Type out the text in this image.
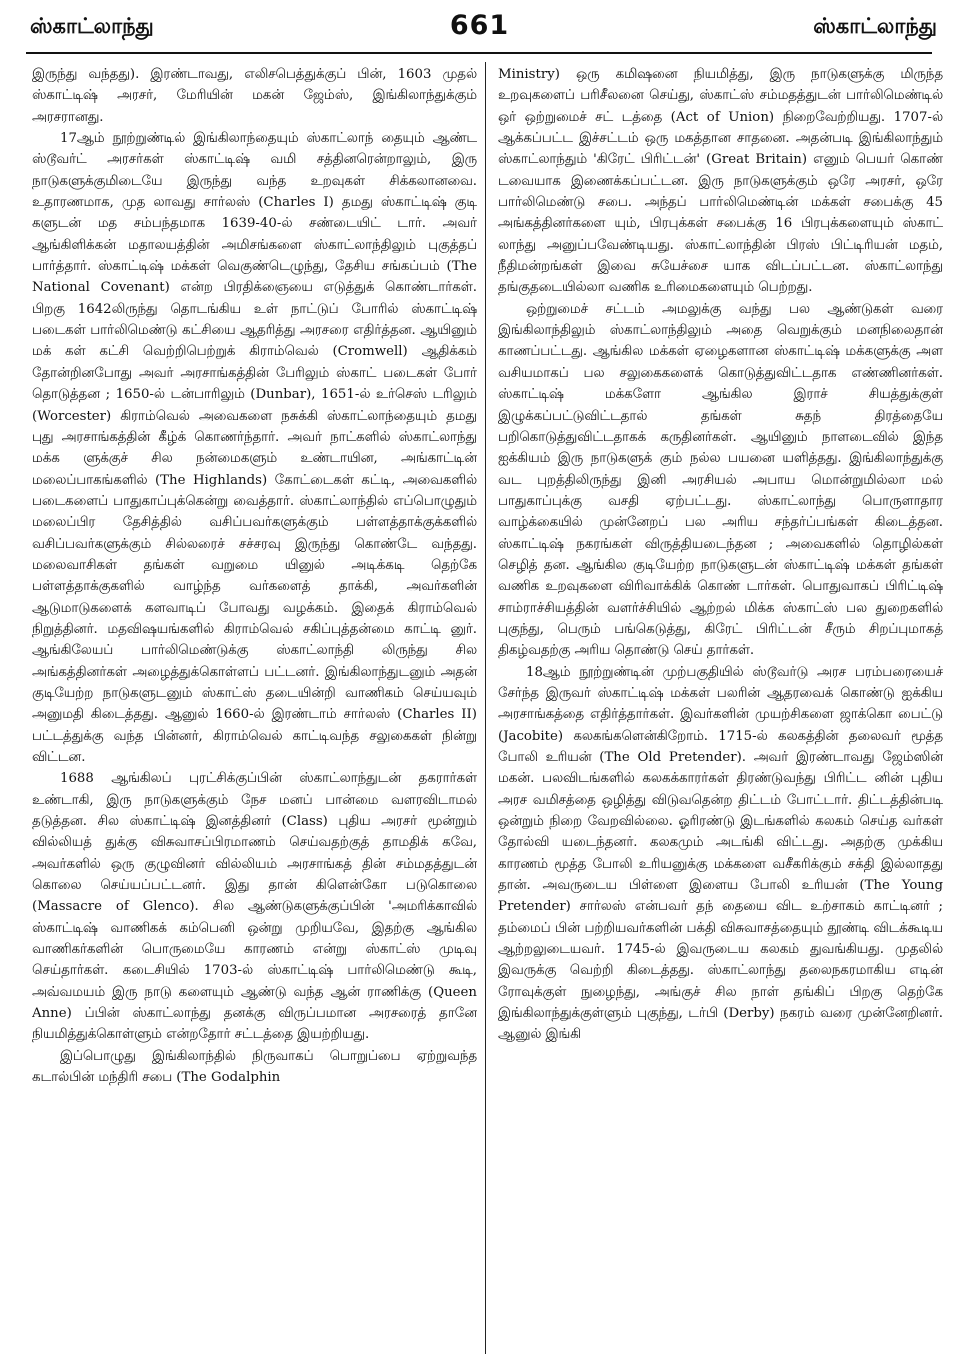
ஸ்காட்லாந்து	661	ஸ்காட்லாந்து

இருந்து வந்தது). இரண்டாவது, எலிசபெத்துக்குப் பின், 1603 முதல் ஸ்காட்டிஷ் அரசர், மேரியின் மகன் ஜேம்ஸ், இங்கிலாந்துக்கும் அரசரானது.

17ஆம் நூற்றுண்டில் இங்கிலாந்தையும் ஸ்காட்லாந் தையும் ஆண்ட ஸ்டூவர்ட் அரசர்கள் ஸ்காட்டிஷ் வமி சத்தினரென்றாலும், இரு நாடுகளுக்குமிடையே இருந்து வந்த உறவுகள் சிக்கலானவை. உதாரணமாக, முத லாவது சார்லஸ் (Charles I) தமது ஸ்காட்டிஷ் குடி களுடன் மத சம்பந்தமாக 1639-40-ல் சண்டையிட் டார். அவர் ஆங்கிளிக்கன் மதாலயத்தின் அமிசங்களை ஸ்காட்லாந்திலும் புகுத்தப் பார்த்தார். ஸ்காட்டிஷ் மக்கள் வெகுண்டெழுந்து, தேசிய சங்கப்பம் (The National Covenant) என்ற பிரதிக்ஞையை எடுத்துக் கொண்டார்கள். பிறகு 1642லிருந்து தொடங்கிய உள் நாட்டுப் போரில் ஸ்காட்டிஷ் படைகள் பார்லிமெண்டு கட்சியை ஆதரித்து அரசரை எதிர்த்தன. ஆயினும் மக் கள் கட்சி வெற்றிபெற்றுக் கிராம்வெல் (Cromwell) ஆதிக்கம் தோன்றினபோது அவர் அரசாங்கத்தின் பேரிலும் ஸ்காட் படைகள் போர் தொடுத்தன ; 1650-ல் டன்பாரிலும் (Dunbar), 1651-ல் உர்செஸ் டரிலும் (Worcester) கிராம்வெல் அவைகளை நசுக்கி ஸ்காட்லாந்தையும் தமது புது அரசாங்கத்தின் கீழ்க் கொணர்ந்தார். அவர் நாட்களில் ஸ்காட்லாந்து மக்க ளுக்குச் சில நன்மைகளும் உண்டாயின, அங்காட்டின் மலைப்பாகங்களில் (The Highlands) கோட்டைகள் கட்டி, அவைகளில் படைகளைப் பாதுகாப்புக்கென்று வைத்தார். ஸ்காட்லாந்தில் எப்பொழுதும் மலைப்பிர தேசித்தில் வசிப்பவர்களுக்கும் பள்ளத்தாக்குக்களில் வசிப்பவர்களுக்கும் சில்லரைச் சச்சரவு இருந்து கொண்டே வந்தது. மலைவாசிகள் தங்கள் வறுமை யினுல் அடிக்கடி தெற்கே பள்ளத்தாக்குகளில் வாழ்ந்த வர்களைத் தாக்கி, அவர்களின் ஆடுமாடுகளைக் களவாடிப் போவது வழக்கம். இதைக் கிராம்வெல் நிறுத்தினர். மதவிஷயங்களில் கிராம்வெல் சகிப்புத்தன்மை காட்டி னுர். ஆங்கிலேயப் பார்லிமெண்டுக்கு ஸ்காட்லாந்தி லிருந்து சில அங்கத்தினர்கள் அழைத்துக்கொள்ளப் பட்டனர். இங்கிலாந்துடனும் அதன் குடியேற்ற நாடுகளுடனும் ஸ்காட்ஸ் தடையின்றி வாணிகம் செய்யவும் அனுமதி கிடைத்தது. ஆனுல் 1660-ல் இரண்டாம் சார்லஸ் (Charles II) பட்டத்துக்கு வந்த பின்னர், கிராம்வெல் காட்டிவந்த சலுகைகள் நின்று விட்டன.

1688 ஆங்கிலப் புரட்சிக்குப்பின் ஸ்காட்லாந்துடன் தகரார்கள் உண்டாகி, இரு நாடுகளுக்கும் நேச மனப் பான்மை வளரவிடாமல் தடுத்தன. சில ஸ்காட்டிஷ் இனத்தினர் (Class) புதிய அரசர் மூன்றும் வில்லியத் துக்கு விசுவாசப்பிரமாணம் செய்வதற்குத் தாமதிக் கவே, அவர்களில் ஒரு குழுவினர் வில்லியம் அரசாங்கத் தின் சம்மதத்துடன் கொலை செய்யப்பட்டனர். இது தான் கிளென்கோ படுகொலை (Massacre of Glenco). சில ஆண்டுகளுக்குப்பின் 'அமரிக்காவில் ஸ்காட்டிஷ் வாணிகக் கம்பெனி ஒன்று முறியவே, இதற்கு ஆங்கில வாணிகர்களின் பொருமையே காரணம் என்று ஸ்காட்ஸ் முடிவு செய்தார்கள். கடைசியில் 1703-ல் ஸ்காட்டிஷ் பார்லிமெண்டு கூடி, அவ்வமயம் இரு நாடு களையும் ஆண்டு வந்த ஆன் ராணிக்கு (Queen Anne) ப்பின் ஸ்காட்லாந்து தனக்கு விருப்பமான அரசரைத் தானே நியமித்துக்கொள்ளும் என்றதோர் சட்டத்தை இயற்றியது.

இப்பொழுது இங்கிலாந்தில் நிருவாகப் பொறுப்பை ஏற்றுவந்த கடால்பின் மந்திரி சபை (The Godalphin

Ministry) ஒரு கமிஷனை நியமித்து, இரு நாடுகளுக்கு மிருந்த உறவுகளைப் பரிசீலனை செய்து, ஸ்காட்ஸ் சம்மதத்துடன் பார்லிமெண்டில் ஒர் ஒற்றுமைச் சட் டத்தை (Act of Union) நிறைவேற்றியது. 1707-ல் ஆக்கப்பட்ட இச்சட்டம் ஒரு மகத்தான சாதனை. அதன்படி இங்கிலாந்தும் ஸ்காட்லாந்தும் 'கிரேட் பிரிட்டன்' (Great Britain) எனும் பெயர் கொண் டவையாக இணைக்கப்பட்டன. இரு நாடுகளுக்கும் ஒரே அரசர், ஒரே பார்லிமெண்டு சபை. அந்தப் பார்லிமெண்டின் மக்கள் சபைக்கு 45 அங்கத்தினர்களை யும், பிரபுக்கள் சபைக்கு 16 பிரபுக்களையும் ஸ்காட் லாந்து அனுப்பவேண்டியது. ஸ்காட்லாந்தின் பிரஸ் பிட்டிரியன் மதம், நீதிமன்றங்கள் இவை சுயேச்சை யாக விடப்பட்டன. ஸ்காட்லாந்து தங்குதடையில்லா வணிக உரிமைகளையும் பெற்றது.

ஒற்றுமைச் சட்டம் அமலுக்கு வந்து பல ஆண்டுகள் வரை இங்கிலாந்திலும் ஸ்காட்லாந்திலும் அதை வெறுக்கும் மனநிலைதான் காணப்பட்டது. ஆங்கில மக்கள் ஏழைகளான ஸ்காட்டிஷ் மக்களுக்கு அள வசியமாகப் பல சலுகைகளைக் கொடுத்துவிட்டதாக எண்ணினர்கள். ஸ்காட்டிஷ் மக்களோ ஆங்கில இராச் சியத்துக்குள் இழுக்கப்பட்டுவிட்டதால் தங்கள் சுதந் திரத்தையே பறிகொடுத்துவிட்டதாகக் கருதினர்கள். ஆயினும் நாளடைவில் இந்த ஐக்கியம் இரு நாடுகளுக் கும் நல்ல பயனை யளித்தது. இங்கிலாந்துக்கு வட புறத்திலிருந்து இனி அரசியல் அபாய மொன்றுமில்லா மல் பாதுகாப்புக்கு வசதி ஏற்பட்டது. ஸ்காட்லாந்து பொருளாதார வாழ்க்கையில் முன்னேறப் பல அரிய சந்தர்ப்பங்கள் கிடைத்தன. ஸ்காட்டிஷ் நகரங்கள் விருத்தியடைந்தன ; அவைகளில் தொழில்கள் செழித் தன. ஆங்கில குடியேற்ற நாடுகளுடன் ஸ்காட்டிஷ் மக்கள் தங்கள் வணிக உறவுகளை விரிவாக்கிக் கொண் டார்கள். பொதுவாகப் பிரிட்டிஷ் சாம்ராச்சியத்தின் வளர்ச்சியில் ஆற்றல் மிக்க ஸ்காட்ஸ் பல துறைகளில் புகுந்து, பெரும் பங்கெடுத்து, கிரேட் பிரிட்டன் சீரும் சிறப்புமாகத் திகழ்வதற்கு அரிய தொண்டு செய் தார்கள்.

18ஆம் நூற்றுண்டின் முற்பகுதியில் ஸ்டூவர்டு அரச பரம்பரையைச் சேர்ந்த இருவர் ஸ்காட்டிஷ் மக்கள் பலரின் ஆதரவைக் கொண்டு ஐக்கிய அரசாங்கத்தை எதிர்த்தார்கள். இவர்களின் முயற்சிகளை ஜாக்கொ பைட்டு (Jacobite) கலகங்களென்கிறோம். 1715-ல் கலகத்தின் தலைவர் மூத்த போலி உரியன் (The Old Pretender). அவர் இரண்டாவது ஜேம்ஸின் மகன். பலவிடங்களில் கலகக்காரர்கள் திரண்டுவந்து பிரிட்ட னின் புதிய அரச வமிசத்தை ஒழித்து விடுவதென்ற திட்டம் போட்டார். திட்டத்தின்படி ஒன்றும் நிறை வேறவில்லை. ஓரிரண்டு இடங்களில் கலகம் செய்த வர்கள் தோல்வி யடைந்தனர். கலகமும் அடங்கி விட்டது. அதற்கு முக்கிய காரணம் மூத்த போலி உரியனுக்கு மக்களை வசீகரிக்கும் சக்தி இல்லாதது தான். அவருடைய பிள்ளை இளைய போலி உரியன் (The Young Pretender) சார்லஸ் என்பவர் தந் தையை விட உற்சாகம் காட்டினர் ; தம்மைப் பின் பற்றியவர்களின் பக்தி விசுவாசத்தையும் தூண்டி விடக்கூடிய ஆற்றலுடையவர். 1745-ல் இவருடைய கலகம் துவங்கியது. முதலில் இவருக்கு வெற்றி கிடைத்தது. ஸ்காட்லாந்து தலைநகரமாகிய எடின் ரோவுக்குள் நுழைந்து, அங்குச் சில நாள் தங்கிப் பிறகு தெற்கே இங்கிலாந்துக்குள்ளும் புகுந்து, டர்பி (Derby) நகரம் வரை முன்னேறினர். ஆனுல் இங்கி
